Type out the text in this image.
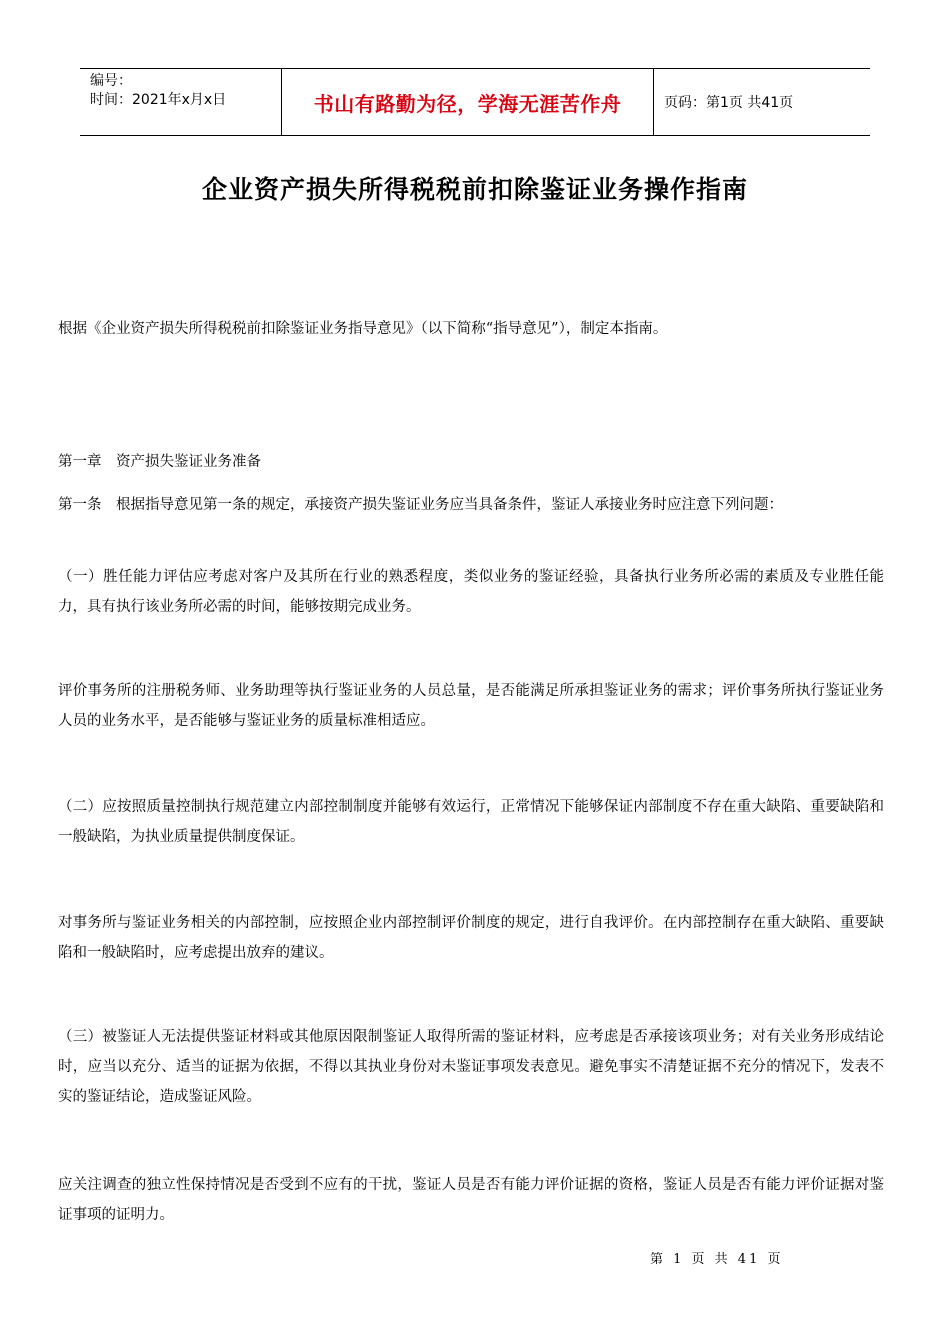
编号：
时间：2021年x月x日	书山有路勤为径，学海无涯苦作舟	页码：第1页 共41页
企业资产损失所得税税前扣除鉴证业务操作指南
根据《企业资产损失所得税税前扣除鉴证业务指导意见》（以下简称“指导意见”），制定本指南。
第一章　资产损失鉴证业务准备
第一条　根据指导意见第一条的规定，承接资产损失鉴证业务应当具备条件，鉴证人承接业务时应注意下列问题：
（一）胜任能力评估应考虑对客户及其所在行业的熟悉程度，类似业务的鉴证经验，具备执行业务所必需的素质及专业胜任能力，具有执行该业务所必需的时间，能够按期完成业务。
评价事务所的注册税务师、业务助理等执行鉴证业务的人员总量，是否能满足所承担鉴证业务的需求；评价事务所执行鉴证业务人员的业务水平，是否能够与鉴证业务的质量标准相适应。
（二）应按照质量控制执行规范建立内部控制制度并能够有效运行，正常情况下能够保证内部制度不存在重大缺陷、重要缺陷和一般缺陷，为执业质量提供制度保证。
对事务所与鉴证业务相关的内部控制，应按照企业内部控制评价制度的规定，进行自我评价。在内部控制存在重大缺陷、重要缺陷和一般缺陷时，应考虑提出放弃的建议。
（三）被鉴证人无法提供鉴证材料或其他原因限制鉴证人取得所需的鉴证材料，应考虑是否承接该项业务；对有关业务形成结论时，应当以充分、适当的证据为依据，不得以其执业身份对未鉴证事项发表意见。避免事实不清楚证据不充分的情况下，发表不实的鉴证结论，造成鉴证风险。
应关注调查的独立性保持情况是否受到不应有的干扰，鉴证人员是否有能力评价证据的资格，鉴证人员是否有能力评价证据对鉴证事项的证明力。
第 1 页 共 41 页
